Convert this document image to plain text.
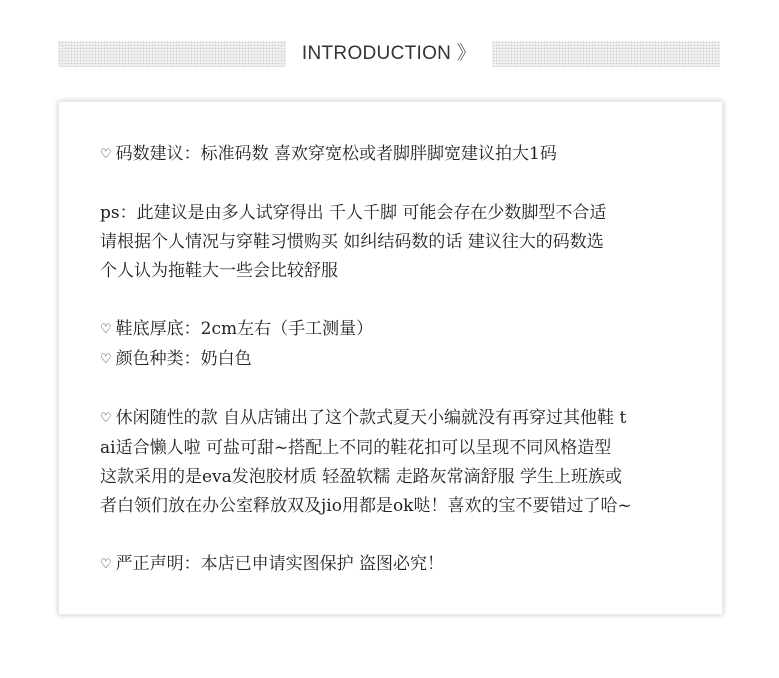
INTRODUCTION 》
♡ 码数建议：标准码数 喜欢穿宽松或者脚胖脚宽建议拍大1码
ps：此建议是由多人试穿得出 千人千脚 可能会存在少数脚型不合适
请根据个人情况与穿鞋习惯购买 如纠结码数的话 建议往大的码数选
个人认为拖鞋大一些会比较舒服
♡ 鞋底厚底：2cm左右（手工测量）
♡ 颜色种类：奶白色
♡ 休闲随性的款 自从店铺出了这个款式夏天小编就没有再穿过其他鞋 t
ai适合懒人啦 可盐可甜~搭配上不同的鞋花扣可以呈现不同风格造型
这款采用的是eva发泡胶材质 轻盈软糯 走路灰常滴舒服 学生上班族或
者白领们放在办公室释放双及jio用都是ok哒！喜欢的宝不要错过了哈~
♡ 严正声明：本店已申请实图保护 盗图必究！
